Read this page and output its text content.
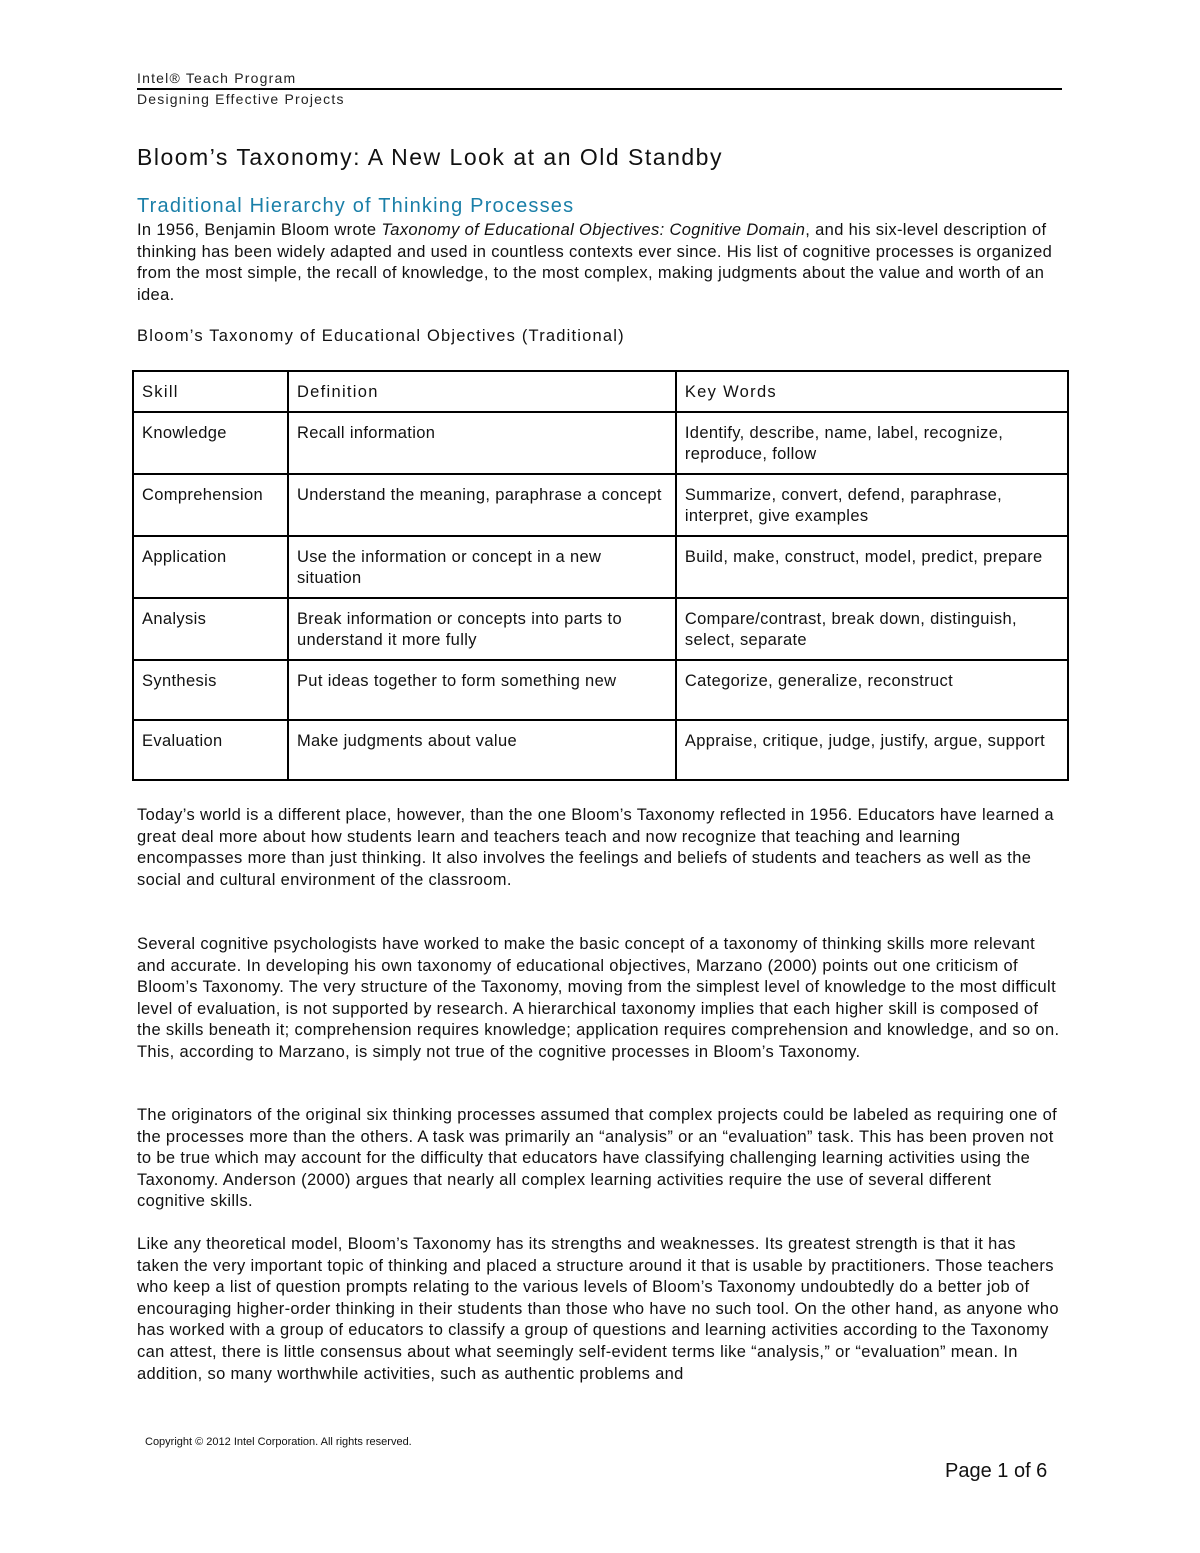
Intel® Teach Program
Designing Effective Projects
Bloom’s Taxonomy: A New Look at an Old Standby
Traditional Hierarchy of Thinking Processes

In 1956, Benjamin Bloom wrote Taxonomy of Educational Objectives: Cognitive Domain, and his six-level description of thinking has been widely adapted and used in countless contexts ever since. His list of cognitive processes is organized from the most simple, the recall of knowledge, to the most complex, making judgments about the value and worth of an idea.

Bloom’s Taxonomy of Educational Objectives (Traditional)

Skill	Definition	Key Words
Knowledge	Recall information	Identify, describe, name, label, recognize, reproduce, follow
Comprehension	Understand the meaning, paraphrase a concept	Summarize, convert, defend, paraphrase, interpret, give examples
Application	Use the information or concept in a new situation	Build, make, construct, model, predict, prepare
Analysis	Break information or concepts into parts to understand it more fully	Compare/contrast, break down, distinguish, select, separate
Synthesis	Put ideas together to form something new	Categorize, generalize, reconstruct
Evaluation	Make judgments about value	Appraise, critique, judge, justify, argue, support

Today’s world is a different place, however, than the one Bloom’s Taxonomy reflected in 1956. Educators have learned a great deal more about how students learn and teachers teach and now recognize that teaching and learning encompasses more than just thinking. It also involves the feelings and beliefs of students and teachers as well as the social and cultural environment of the classroom.

Several cognitive psychologists have worked to make the basic concept of a taxonomy of thinking skills more relevant and accurate. In developing his own taxonomy of educational objectives, Marzano (2000) points out one criticism of Bloom’s Taxonomy. The very structure of the Taxonomy, moving from the simplest level of knowledge to the most difficult level of evaluation, is not supported by research. A hierarchical taxonomy implies that each higher skill is composed of the skills beneath it; comprehension requires knowledge; application requires comprehension and knowledge, and so on. This, according to Marzano, is simply not true of the cognitive processes in Bloom’s Taxonomy.

The originators of the original six thinking processes assumed that complex projects could be labeled as requiring one of the processes more than the others. A task was primarily an “analysis” or an “evaluation” task. This has been proven not to be true which may account for the difficulty that educators have classifying challenging learning activities using the Taxonomy. Anderson (2000) argues that nearly all complex learning activities require the use of several different cognitive skills.

Like any theoretical model, Bloom’s Taxonomy has its strengths and weaknesses. Its greatest strength is that it has taken the very important topic of thinking and placed a structure around it that is usable by practitioners. Those teachers who keep a list of question prompts relating to the various levels of Bloom’s Taxonomy undoubtedly do a better job of encouraging higher-order thinking in their students than those who have no such tool. On the other hand, as anyone who has worked with a group of educators to classify a group of questions and learning activities according to the Taxonomy can attest, there is little consensus about what seemingly self-evident terms like “analysis,” or “evaluation” mean. In addition, so many worthwhile activities, such as authentic problems and

Copyright © 2012 Intel Corporation. All rights reserved.
Page 1 of 6
